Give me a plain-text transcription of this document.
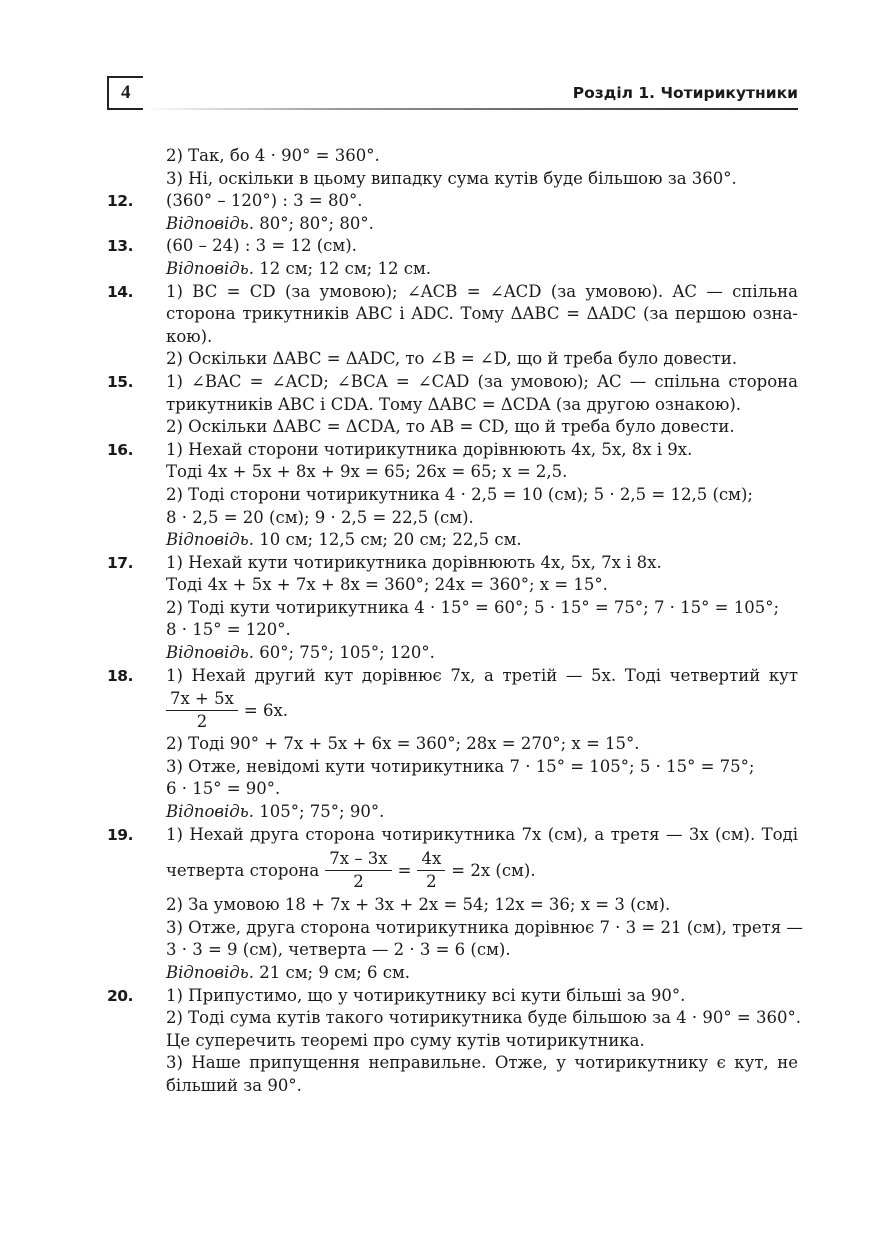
4	Розділ 1. Чотирикутники
2) Так, бо 4 · 90° = 360°.
3) Ні, оскільки в цьому випадку сума кутів буде більшою за 360°.
12. (360° – 120°) : 3 = 80°.
Відповідь. 80°; 80°; 80°.
13. (60 – 24) : 3 = 12 (см).
Відповідь. 12 см; 12 см; 12 см.
14. 1) BC = CD (за умовою); ∠ACB = ∠ACD (за умовою). AC — спільна
сторона трикутників ABC і ADC. Тому ΔABC = ΔADC (за першою озна-
кою).
2) Оскільки ΔABC = ΔADC, то ∠B = ∠D, що й треба було довести.
15. 1) ∠BAC = ∠ACD; ∠BCA = ∠CAD (за умовою); AC — спільна сторона
трикутників ABC і CDA. Тому ΔABC = ΔCDA (за другою ознакою).
2) Оскільки ΔABC = ΔCDA, то AB = CD, що й треба було довести.
16. 1) Нехай сторони чотирикутника дорівнюють 4x, 5x, 8x і 9x.
Тоді 4x + 5x + 8x + 9x = 65; 26x = 65; x = 2,5.
2) Тоді сторони чотирикутника 4 · 2,5 = 10 (см); 5 · 2,5 = 12,5 (см);
8 · 2,5 = 20 (см); 9 · 2,5 = 22,5 (см).
Відповідь. 10 см; 12,5 см; 20 см; 22,5 см.
17. 1) Нехай кути чотирикутника дорівнюють 4x, 5x, 7x і 8x.
Тоді 4x + 5x + 7x + 8x = 360°; 24x = 360°; x = 15°.
2) Тоді кути чотирикутника 4 · 15° = 60°; 5 · 15° = 75°; 7 · 15° = 105°;
8 · 15° = 120°.
Відповідь. 60°; 75°; 105°; 120°.
18. 1) Нехай другий кут дорівнює 7x, а третій — 5x. Тоді четвертий кут
$\frac{7x + 5x}{2} = 6x$.
2) Тоді 90° + 7x + 5x + 6x = 360°; 28x = 270°; x = 15°.
3) Отже, невідомі кути чотирикутника 7 · 15° = 105°; 5 · 15° = 75°;
6 · 15° = 90°.
Відповідь. 105°; 75°; 90°.
19. 1) Нехай друга сторона чотирикутника 7x (см), а третя — 3x (см). Тоді
четверта сторона $\frac{7x - 3x}{2} = \frac{4x}{2} = 2x$ (см).
2) За умовою 18 + 7x + 3x + 2x = 54; 12x = 36; x = 3 (см).
3) Отже, друга сторона чотирикутника дорівнює 7 · 3 = 21 (см), третя —
3 · 3 = 9 (см), четверта — 2 · 3 = 6 (см).
Відповідь. 21 см; 9 см; 6 см.
20. 1) Припустимо, що у чотирикутнику всі кути більші за 90°.
2) Тоді сума кутів такого чотирикутника буде більшою за 4 · 90° = 360°.
Це суперечить теоремі про суму кутів чотирикутника.
3) Наше припущення неправильне. Отже, у чотирикутнику є кут, не
більший за 90°.
